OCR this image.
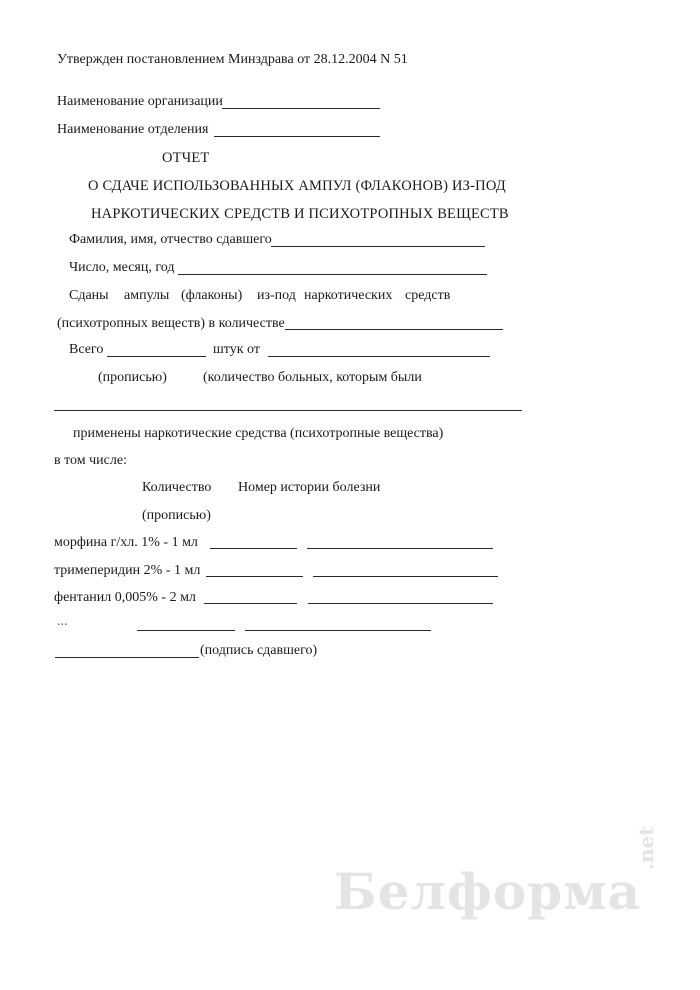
Утвержден постановлением Минздрава от 28.12.2004 N 51
Наименование организации
Наименование отделения
ОТЧЕТ
О СДАЧЕ ИСПОЛЬЗОВАННЫХ АМПУЛ (ФЛАКОНОВ) ИЗ-ПОД
НАРКОТИЧЕСКИХ СРЕДСТВ И ПСИХОТРОПНЫХ ВЕЩЕСТВ
Фамилия, имя, отчество сдавшего
Число, месяц, год
Сданы ампулы (флаконы) из-под наркотических средств
(психотропных веществ) в количестве
Всего	штук от
(прописью)	(количество больных, которым были
применены наркотические средства (психотропные вещества)
в том числе:
Количество Номер истории болезни
(прописью)
морфина г/хл. 1% - 1 мл
тримеперидин 2% - 1 мл
фентанил 0,005% - 2 мл
...
(подпись сдавшего)
Белформа
.net
